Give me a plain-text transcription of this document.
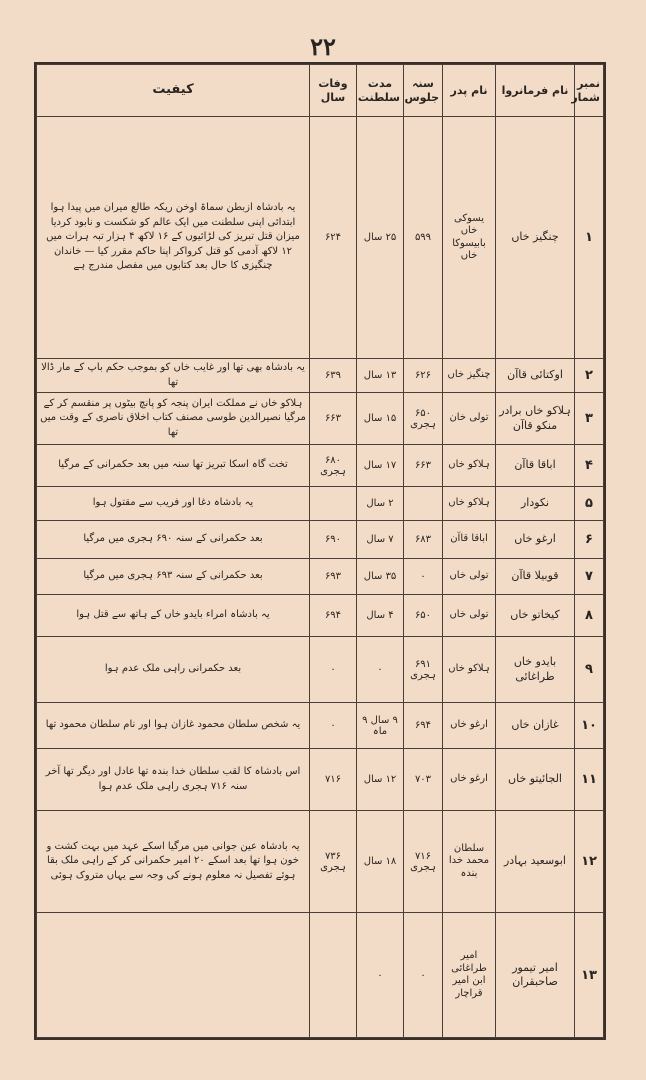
۲۲
نمبر شمار	نام فرمانروا	نام پدر	سنہ جلوس	مدت سلطنت	وفات سال	کیفیت
۱	چنگیز خاں	یسوکی خاں بابیسوکا خاں	۵۹۹	۲۵ سال	۶۲۴	یہ بادشاہ ازبطن سماۃ اوخن ریکہ طالع میران میں پیدا ہوا ابتدائی اپنی سلطنت میں ایک عالم کو شکست و نابود کردیا میزان قتل تبریز کی لڑائیوں کے ۱۶ لاکھ ۴ ہزار تبہ ہرات میں ۱۲ لاکھ آدمی کو قتل کرواکر اپنا حاکم مقرر کیا — خاندان چنگیزی کا حال بعد کتابوں میں مفصل مندرج ہے
۲	اوکتائی قاآن	چنگیز خاں	۶۲۶	۱۳ سال	۶۳۹	یہ بادشاہ بھی تھا اور غایب خاں کو بموجب حکم باپ کے مار ڈالا تھا
۳	ہلاکو خاں برادر منکو قاآن	تولی خان	۶۵۰ ہجری	۱۵ سال	۶۶۳	ہلاکو خاں نے مملکت ایران پنجہ کو پانچ بیٹوں پر منقسم کر کے مرگیا نصیرالدین طوسی مصنف کتاب اخلاق ناصری کے وقت میں تھا
۴	اباقا قاآن	ہلاکو خاں	۶۶۳	۱۷ سال	۶۸۰ ہجری	تخت گاہ اسکا تبریز تھا سنہ میں بعد حکمرانی کے مرگیا
۵	نکودار	ہلاکو خاں		۲ سال		یہ بادشاہ دغا اور فریب سے مقتول ہوا
۶	ارغو خاں	اباقا قاآن	۶۸۳	۷ سال	۶۹۰	بعد حکمرانی کے سنہ ۶۹۰ ہجری میں مرگیا
۷	قوبیلا قاآن	تولی خاں	۰	۳۵ سال	۶۹۳	بعد حکمرانی کے سنہ ۶۹۳ ہجری میں مرگیا
۸	کیخاتو خاں	تولی خاں	۶۵۰	۴ سال	۶۹۴	یہ بادشاہ امراء بایدو خاں کے ہاتھ سے قتل ہوا
۹	بایدو خاں طراغائی	ہلاکو خاں	۶۹۱ ہجری	۰	۰	بعد حکمرانی راہی ملک عدم ہوا
۱۰	غازان خاں	ارغو خاں	۶۹۴	۹ سال ۹ ماہ	۰	یہ شخص سلطان محمود غازان ہوا اور نام سلطان محمود تھا
۱۱	الجائیتو خاں	ارغو خاں	۷۰۳	۱۲ سال	۷۱۶	اس بادشاہ کا لقب سلطان خدا بندہ تھا عادل اور دیگر تھا آخر سنہ ۷۱۶ ہجری راہی ملک عدم ہوا
۱۲	ابوسعید بہادر	سلطان محمد خدا بندہ	۷۱۶ ہجری	۱۸ سال	۷۳۶ ہجری	یہ بادشاہ عین جوانی میں مرگیا اسکے عہد میں بہت کشت و خون ہوا تھا بعد اسکے ۲۰ امیر حکمرانی کر کے راہی ملک بقا ہوئے تفصیل نہ معلوم ہونے کی وجہ سے یہاں متروک ہوئی
۱۳	امیر تیمور صاحبقران	امیر طراغائی ابن امیر قراچار	۰	۰		
